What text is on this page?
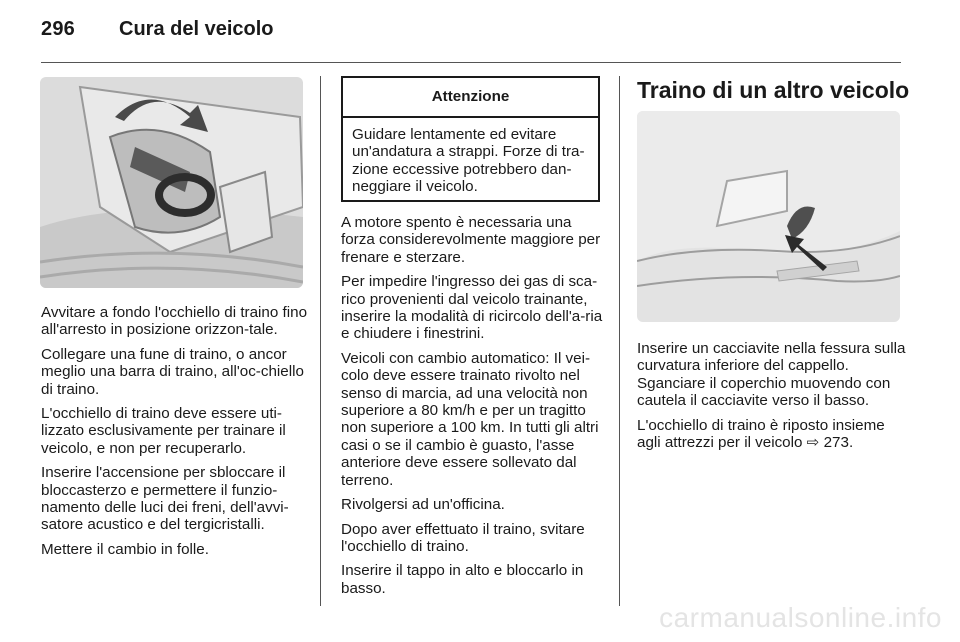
296 Cura del veicolo

Avvitare a fondo l'occhiello di traino fino all'arresto in posizione orizzon-tale.

Collegare una fune di traino, o ancor meglio una barra di traino, all'oc-chiello di traino.

L'occhiello di traino deve essere uti-lizzato esclusivamente per trainare il veicolo, e non per recuperarlo.

Inserire l'accensione per sbloccare il bloccasterzo e permettere il funzio-namento delle luci dei freni, dell'avvi-satore acustico e del tergicristalli.

Mettere il cambio in folle.

Attenzione
Guidare lentamente ed evitare un'andatura a strappi. Forze di tra-zione eccessive potrebbero dan-neggiare il veicolo.

A motore spento è necessaria una forza considerevolmente maggiore per frenare e sterzare.

Per impedire l'ingresso dei gas di sca-rico provenienti dal veicolo trainante, inserire la modalità di ricircolo dell'a-ria e chiudere i finestrini.

Veicoli con cambio automatico: Il vei-colo deve essere trainato rivolto nel senso di marcia, ad una velocità non superiore a 80 km/h e per un tragitto non superiore a 100 km. In tutti gli altri casi o se il cambio è guasto, l'asse anteriore deve essere sollevato dal terreno.

Rivolgersi ad un'officina.

Dopo aver effettuato il traino, svitare l'occhiello di traino.

Inserire il tappo in alto e bloccarlo in basso.

Traino di un altro veicolo

Inserire un cacciavite nella fessura sulla curvatura inferiore del cappello. Sganciare il coperchio muovendo con cautela il cacciavite verso il basso.

L'occhiello di traino è riposto insieme agli attrezzi per il veicolo ⇨ 273.

carmanualsonline.info
